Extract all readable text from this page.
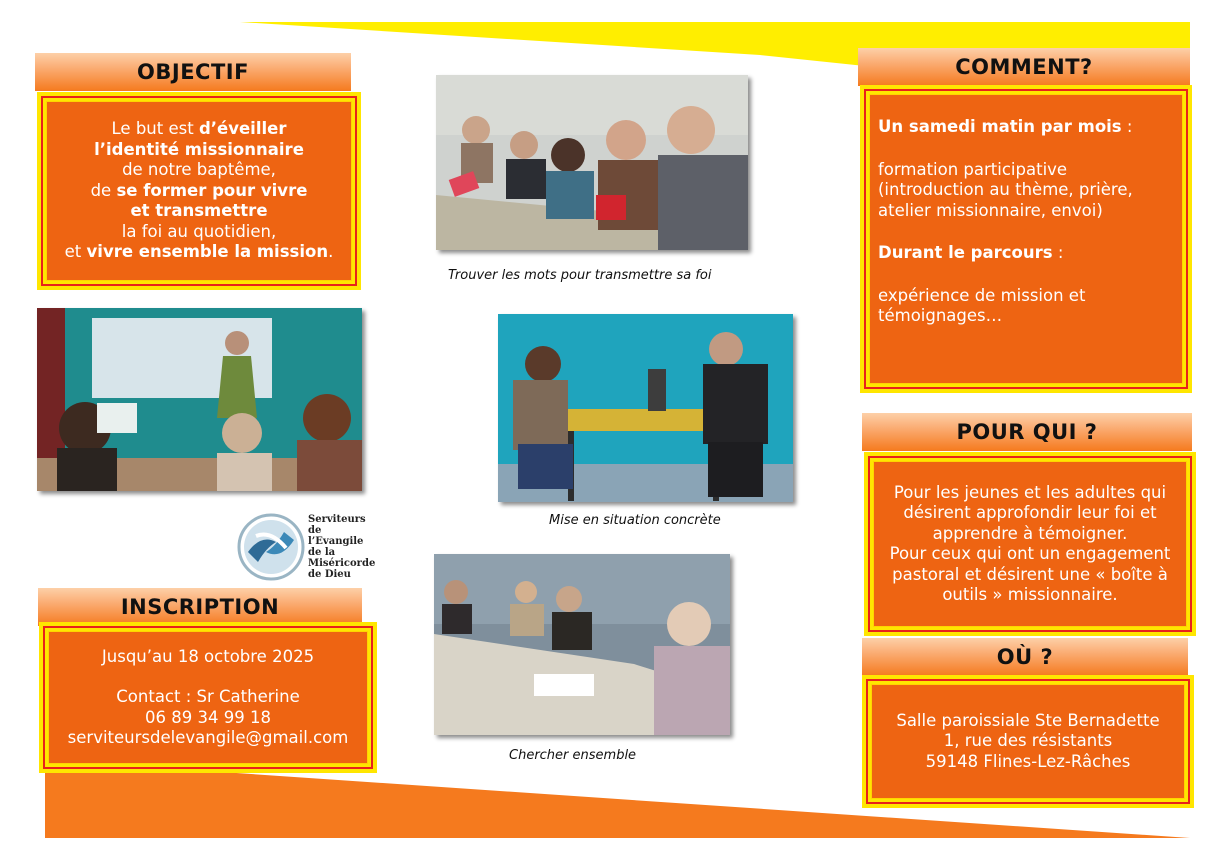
OBJECTIF
Le but est d’éveiller
l’identité missionnaire
de notre baptême,
de se former pour vivre
et transmettre
la foi au quotidien,
et vivre ensemble la mission.
COMMENT?
Un samedi matin par mois :
formation participative
(introduction au thème, prière,
atelier missionnaire, envoi)
Durant le parcours :
expérience de mission et
témoignages…
POUR QUI ?
Pour les jeunes et les adultes qui
désirent approfondir leur foi et
apprendre à témoigner.
Pour ceux qui ont un engagement
pastoral et désirent une « boîte à
outils » missionnaire.
OÙ ?
Salle paroissiale Ste Bernadette
1, rue des résistants
59148 Flines-Lez-Râches
INSCRIPTION
Jusqu’au 18 octobre 2025
Contact : Sr Catherine
06 89 34 99 18
serviteursdelevangile@gmail.com
Trouver les mots pour transmettre sa foi
Mise en situation concrète
Chercher ensemble
Serviteurs
de l’Evangile
de la Miséricorde
de Dieu
